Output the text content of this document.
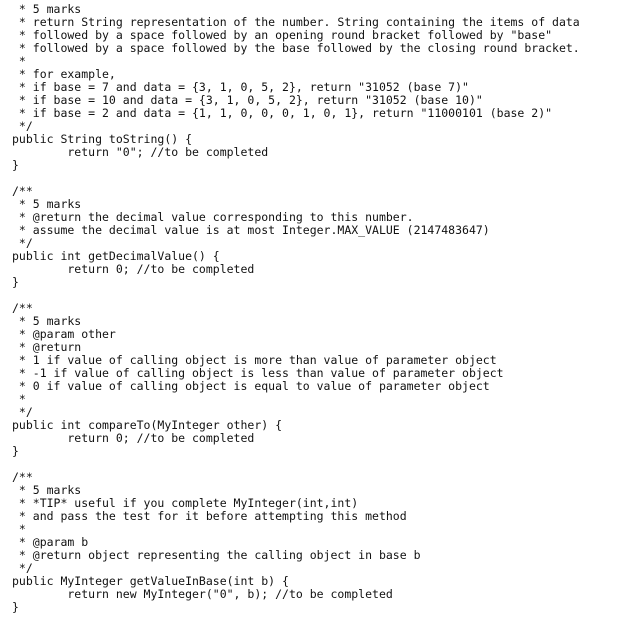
* 5 marks
* return String representation of the number. String containing the items of data
* followed by a space followed by an opening round bracket followed by "base"
* followed by a space followed by the base followed by the closing round bracket.
*
* for example,
* if base = 7 and data = {3, 1, 0, 5, 2}, return "31052 (base 7)"
* if base = 10 and data = {3, 1, 0, 5, 2}, return "31052 (base 10)"
* if base = 2 and data = {1, 1, 0, 0, 0, 1, 0, 1}, return "11000101 (base 2)"
*/
public String toString() {
return "0"; //to be completed
}
/**
* 5 marks
* @return the decimal value corresponding to this number.
* assume the decimal value is at most Integer.MAX_VALUE (2147483647)
*/
public int getDecimalValue() {
return 0; //to be completed
}
/**
* 5 marks
* @param other
* @return
* 1 if value of calling object is more than value of parameter object
* -1 if value of calling object is less than value of parameter object
* 0 if value of calling object is equal to value of parameter object
*
*/
public int compareTo(MyInteger other) {
return 0; //to be completed
}
/**
* 5 marks
* *TIP* useful if you complete MyInteger(int,int)
* and pass the test for it before attempting this method
*
* @param b
* @return object representing the calling object in base b
*/
public MyInteger getValueInBase(int b) {
return new MyInteger("0", b); //to be completed
}
